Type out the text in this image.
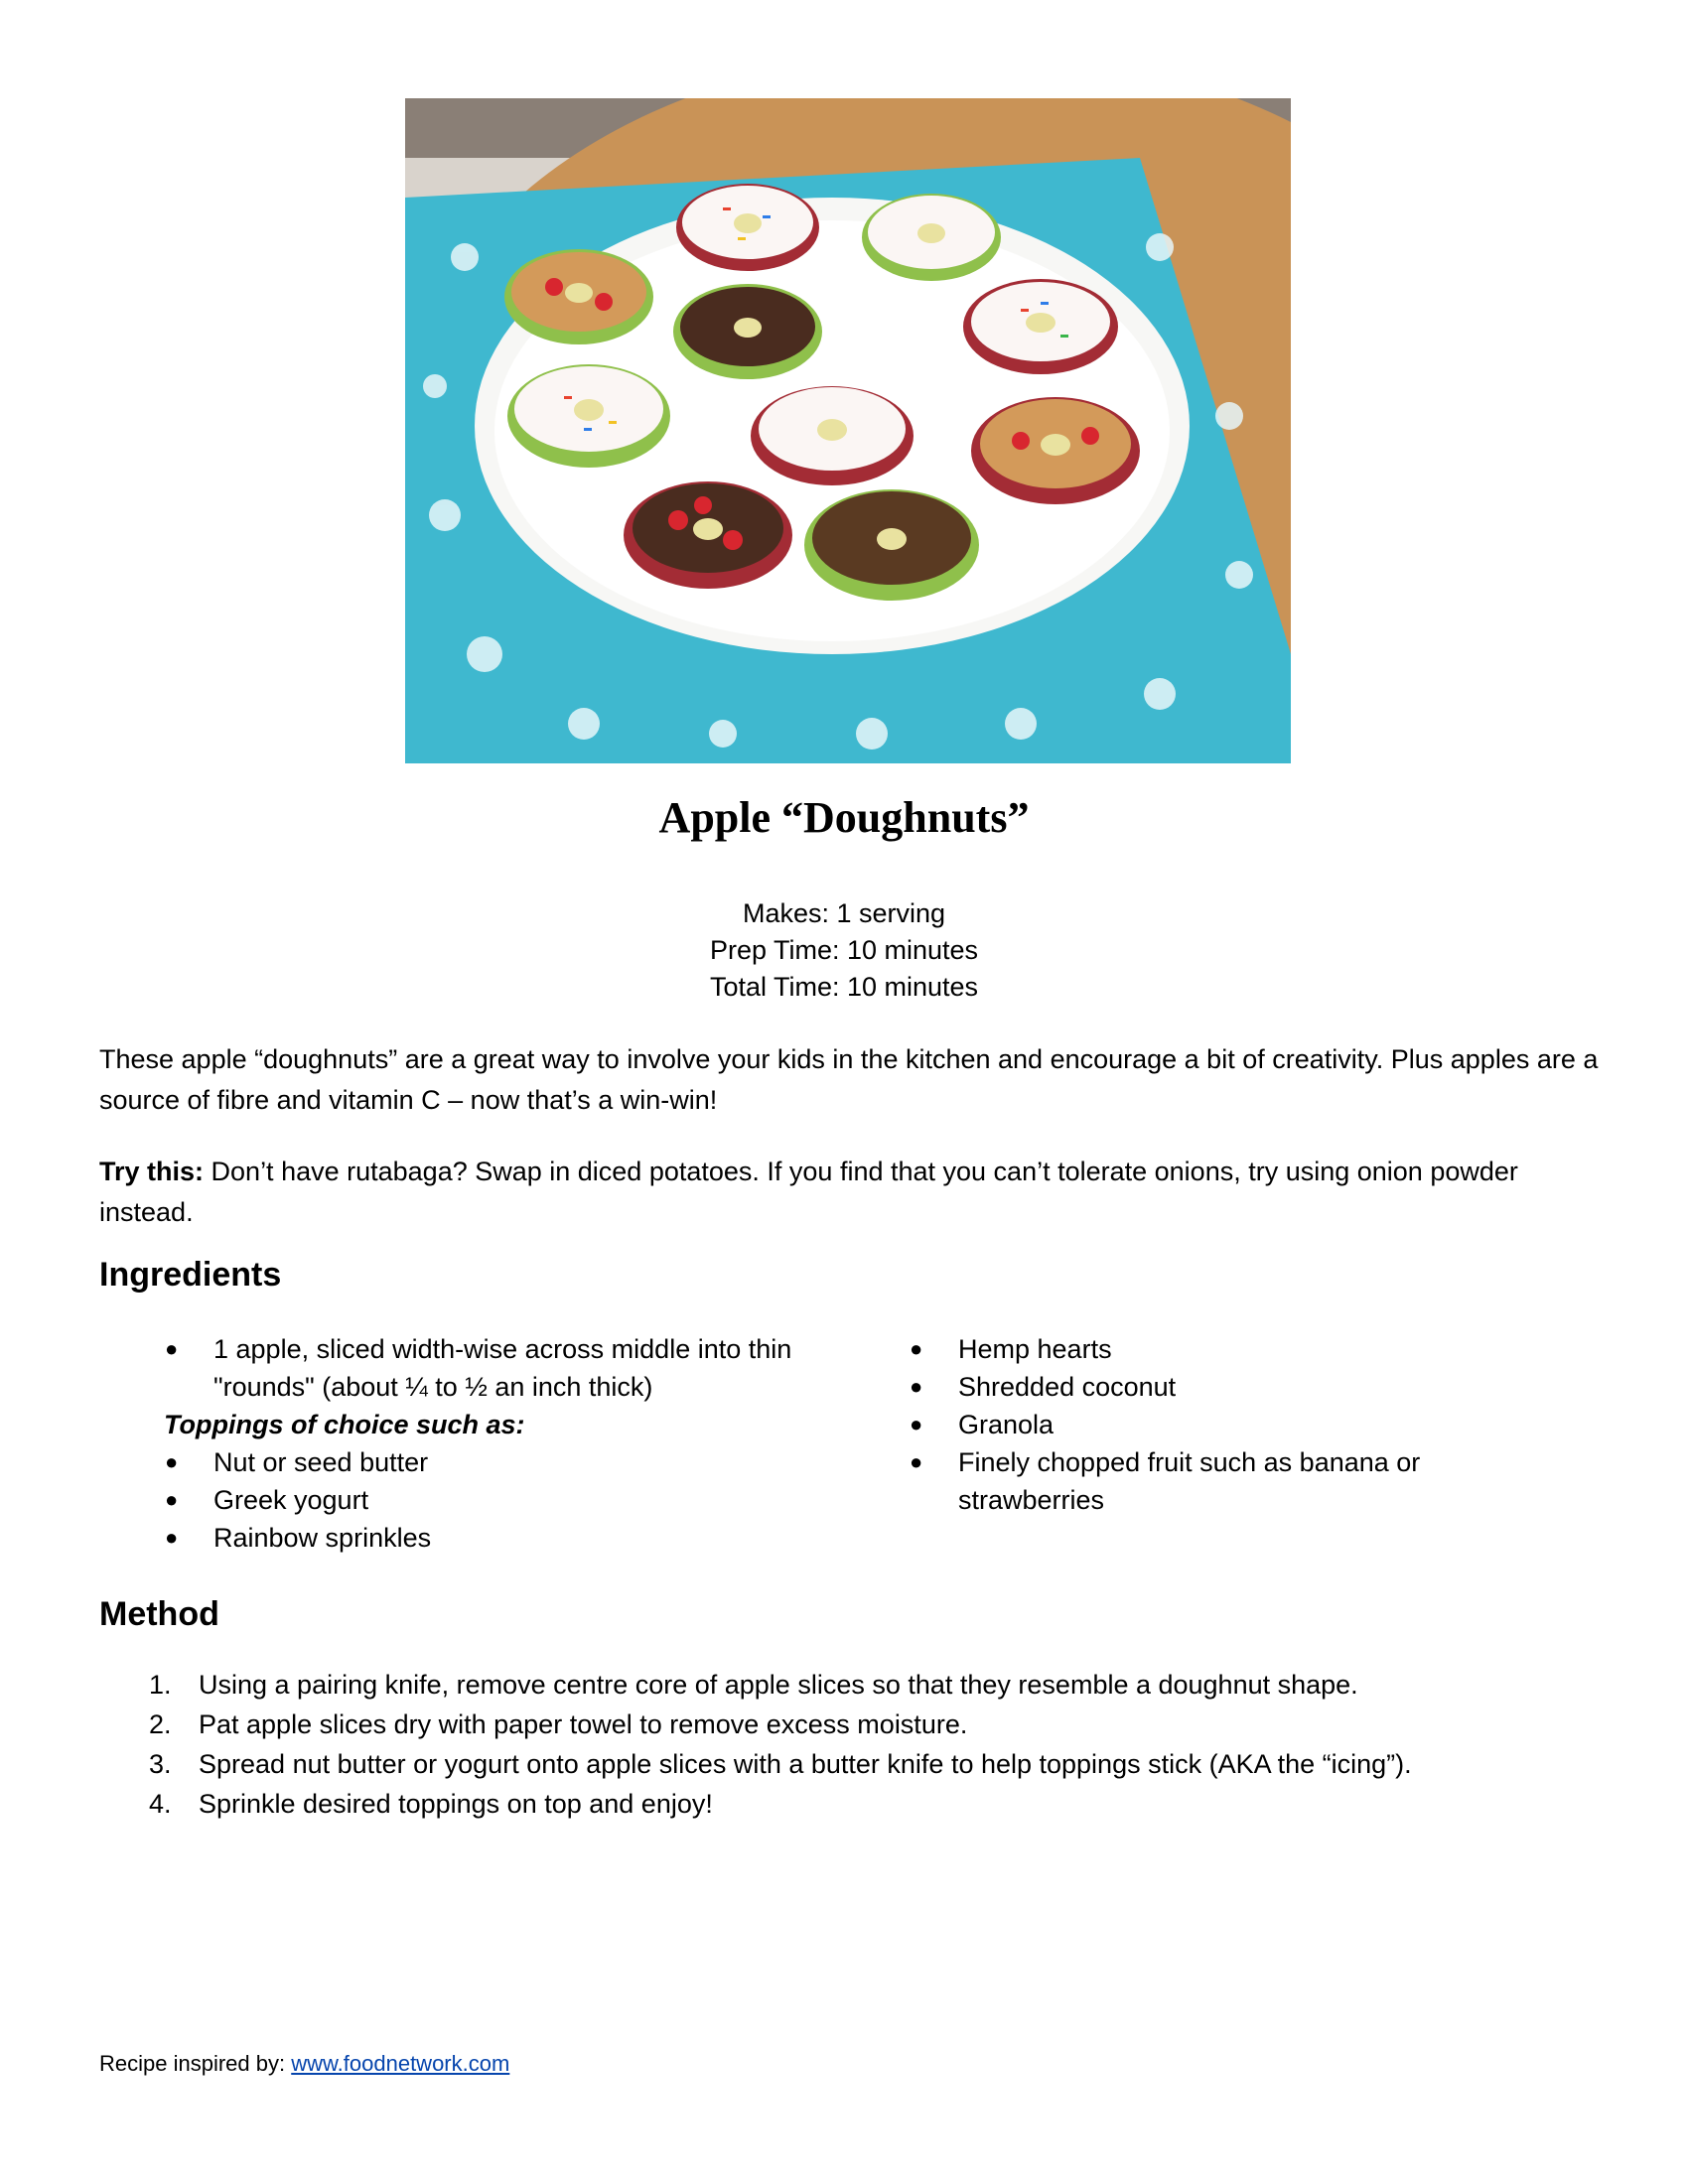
Apple “Doughnuts”
Makes: 1 serving
Prep Time: 10 minutes
Total Time: 10 minutes

These apple “doughnuts” are a great way to involve your kids in the kitchen and encourage a bit of creativity. Plus apples are a source of fibre and vitamin C – now that’s a win-win!

Try this: Don’t have rutabaga? Swap in diced potatoes. If you find that you can’t tolerate onions, try using onion powder instead.

Ingredients
●	1 apple, sliced width-wise across middle into thin "rounds" (about ¼ to ½ an inch thick)
Toppings of choice such as:
●	Nut or seed butter
●	Greek yogurt
●	Rainbow sprinkles
●	Hemp hearts
●	Shredded coconut
●	Granola
●	Finely chopped fruit such as banana or strawberries
Method
1.	Using a pairing knife, remove centre core of apple slices so that they resemble a doughnut shape.
2.	Pat apple slices dry with paper towel to remove excess moisture.
3.	Spread nut butter or yogurt onto apple slices with a butter knife to help toppings stick (AKA the “icing”).
4.	Sprinkle desired toppings on top and enjoy!
Recipe inspired by: www.foodnetwork.com
